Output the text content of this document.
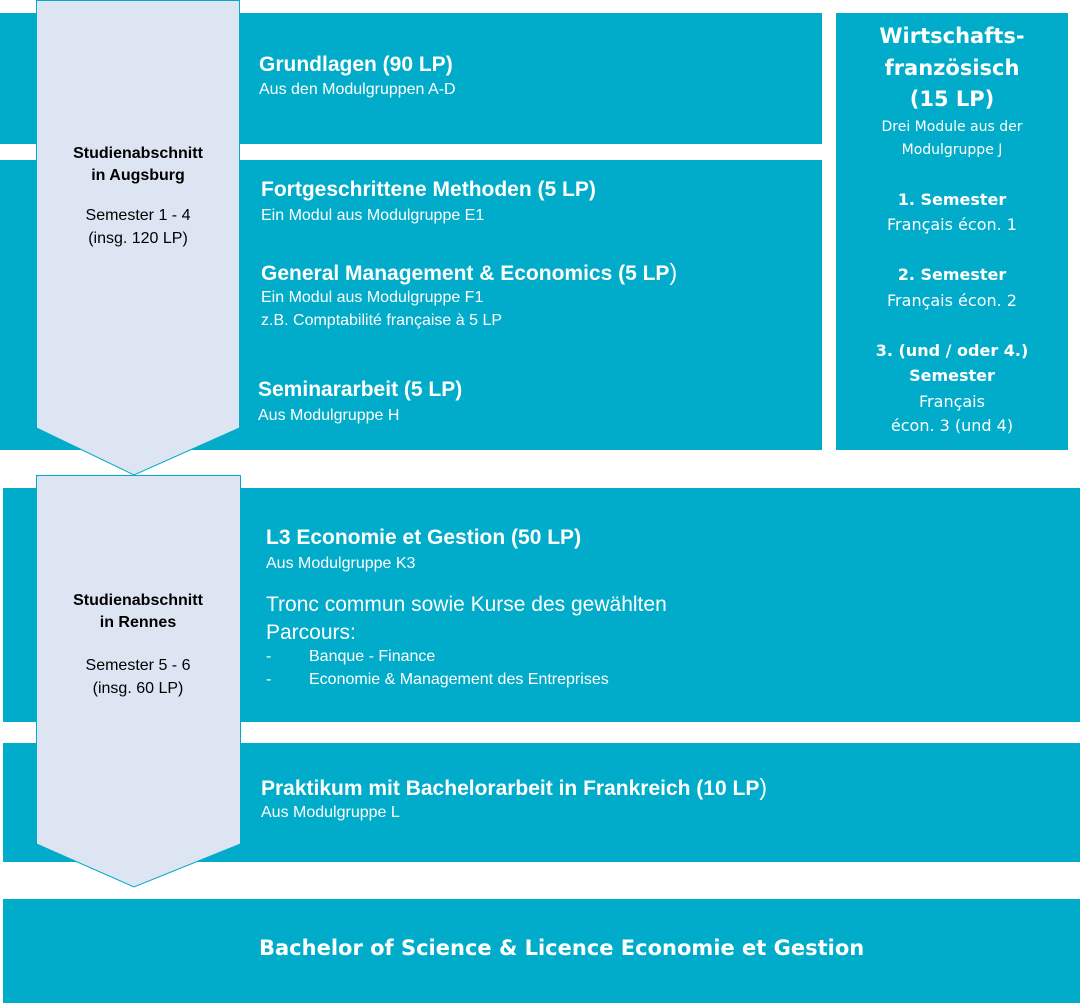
Studienabschnitt
in Augsburg
Semester 1 - 4
(insg. 120 LP)
Studienabschnitt
in Rennes
Semester 5 - 6
(insg. 60 LP)
Grundlagen (90 LP)
Aus den Modulgruppen A-D
Fortgeschrittene Methoden (5 LP)
Ein Modul aus Modulgruppe E1
General Management & Economics (5 LP)
Ein Modul aus Modulgruppe F1
z.B. Comptabilité française à 5 LP
Seminararbeit (5 LP)
Aus Modulgruppe H
Wirtschafts-
französisch
(15 LP)
Drei Module aus der
Modulgruppe J
1. Semester
Français écon. 1
2. Semester
Français écon. 2
3. (und / oder 4.)
Semester
Français
écon. 3 (und 4)
L3 Economie et Gestion (50 LP)
Aus Modulgruppe K3
Tronc commun sowie Kurse des gewählten
Parcours:
- Banque - Finance
- Economie & Management des Entreprises
Praktikum mit Bachelorarbeit in Frankreich (10 LP)
Aus Modulgruppe L
Bachelor of Science & Licence Economie et Gestion
